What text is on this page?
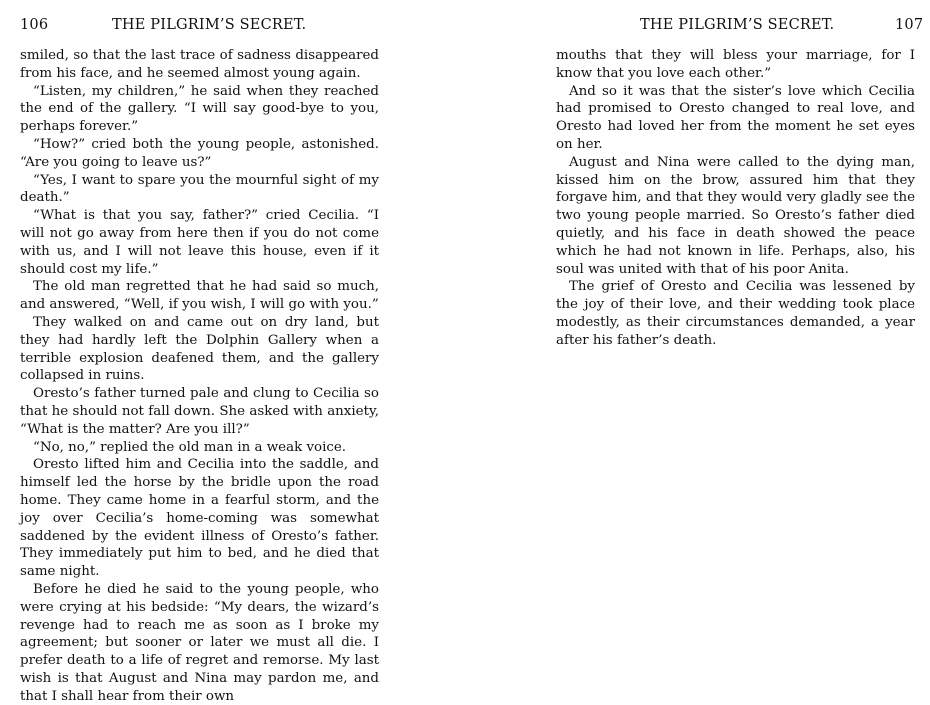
106	THE PILGRIM’S SECRET.

smiled, so that the last trace of sadness disappeared from his face, and he seemed almost young again.

“Listen, my children,” he said when they reached the end of the gallery. “I will say good-bye to you, perhaps forever.”

“How?” cried both the young people, astonished. “Are you going to leave us?”

“Yes, I want to spare you the mournful sight of my death.”

“What is that you say, father?” cried Cecilia. “I will not go away from here then if you do not come with us, and I will not leave this house, even if it should cost my life.”

The old man regretted that he had said so much, and answered, “Well, if you wish, I will go with you.”

They walked on and came out on dry land, but they had hardly left the Dolphin Gallery when a terrible explosion deafened them, and the gallery collapsed in ruins.

Oresto’s father turned pale and clung to Cecilia so that he should not fall down. She asked with anxiety, “What is the matter? Are you ill?”

“No, no,” replied the old man in a weak voice.

Oresto lifted him and Cecilia into the saddle, and himself led the horse by the bridle upon the road home. They came home in a fearful storm, and the joy over Cecilia’s home-coming was somewhat saddened by the evident illness of Oresto’s father. They immediately put him to bed, and he died that same night.

Before he died he said to the young people, who were crying at his bedside: “My dears, the wizard’s revenge had to reach me as soon as I broke my agreement; but sooner or later we must all die. I prefer death to a life of regret and remorse. My last wish is that August and Nina may pardon me, and that I shall hear from their own

THE PILGRIM’S SECRET.	107

mouths that they will bless your marriage, for I know that you love each other.”

And so it was that the sister’s love which Cecilia had promised to Oresto changed to real love, and Oresto had loved her from the moment he set eyes on her.

August and Nina were called to the dying man, kissed him on the brow, assured him that they forgave him, and that they would very gladly see the two young people married. So Oresto’s father died quietly, and his face in death showed the peace which he had not known in life. Perhaps, also, his soul was united with that of his poor Anita.

The grief of Oresto and Cecilia was lessened by the joy of their love, and their wedding took place modestly, as their circumstances demanded, a year after his father’s death.
